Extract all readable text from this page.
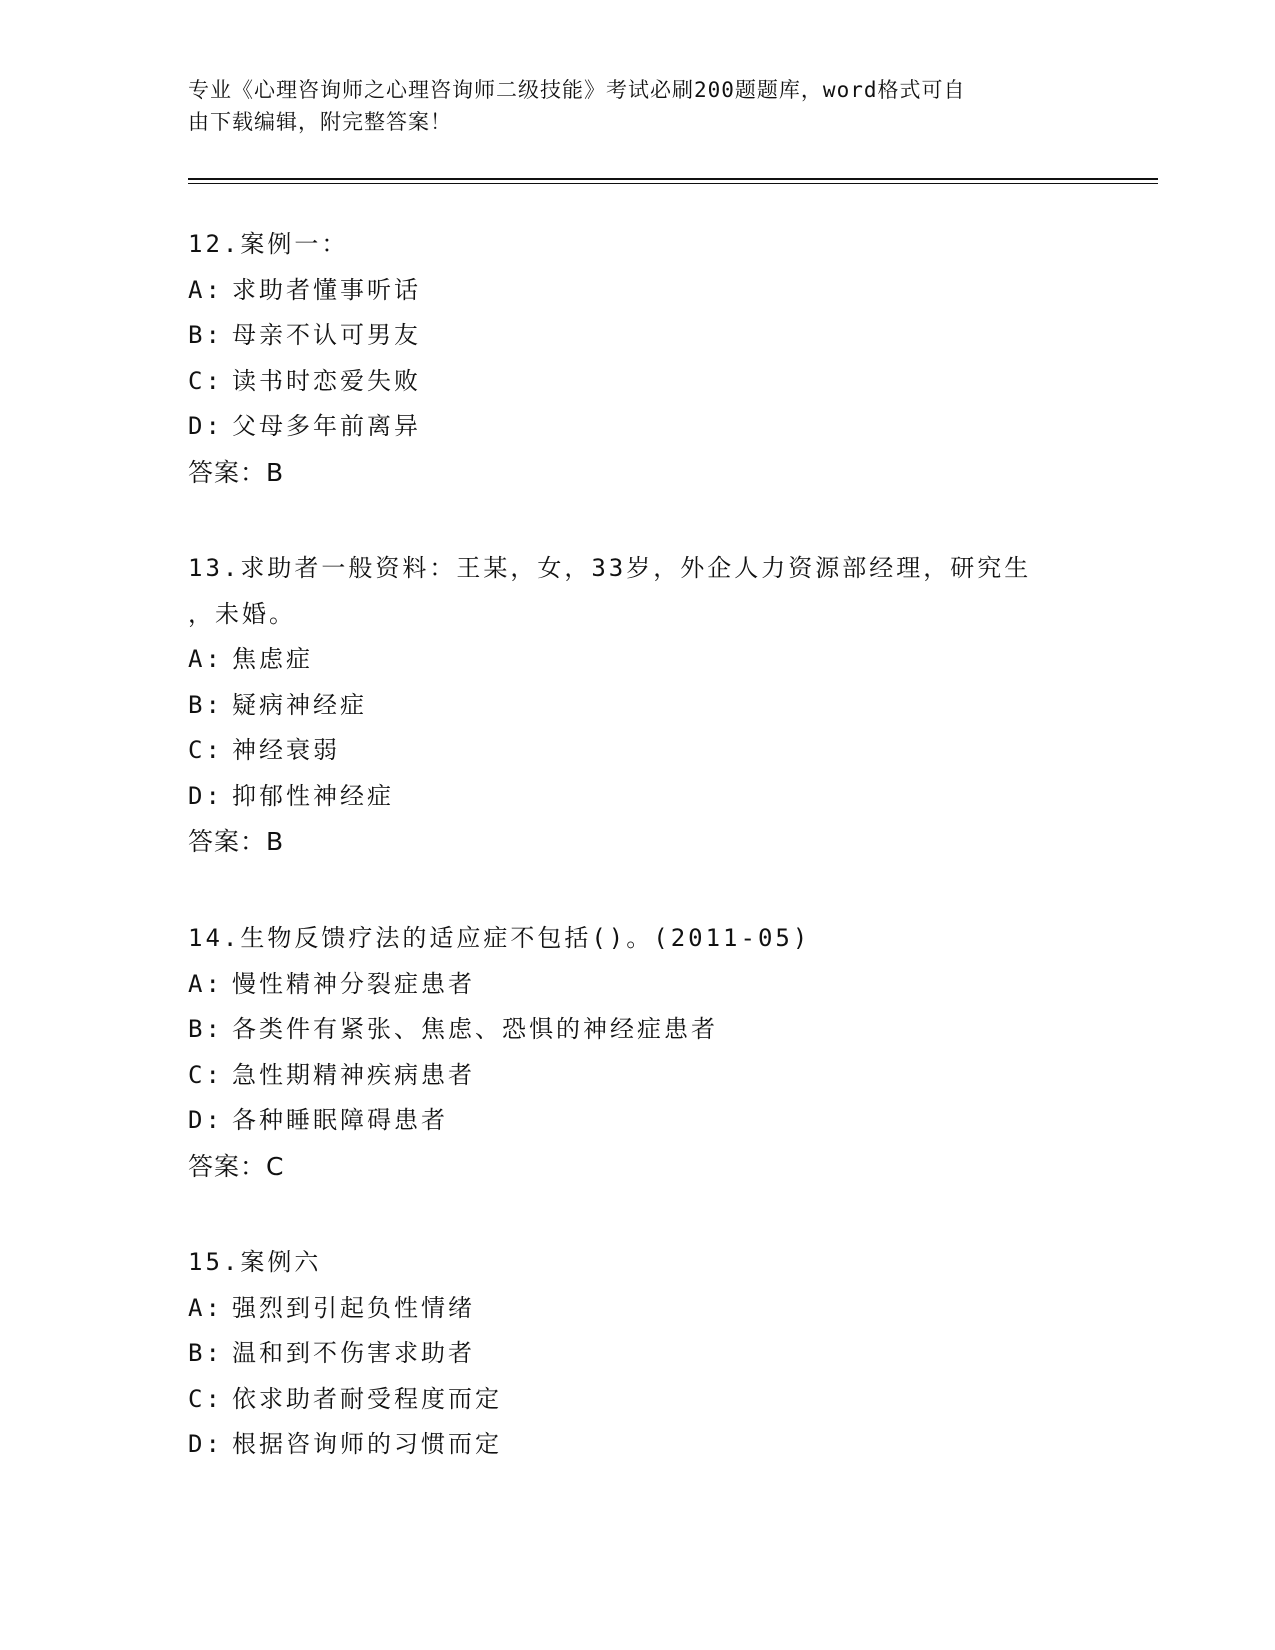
专业《心理咨询师之心理咨询师二级技能》考试必刷200题题库，word格式可自
由下载编辑，附完整答案！
12.案例一：
A: 求助者懂事听话
B: 母亲不认可男友
C: 读书时恋爱失败
D: 父母多年前离异
答案：B
13.求助者一般资料：王某，女，33岁，外企人力资源部经理，研究生
，未婚。
A: 焦虑症
B: 疑病神经症
C: 神经衰弱
D: 抑郁性神经症
答案：B
14.生物反馈疗法的适应症不包括()。(2011-05)
A: 慢性精神分裂症患者
B: 各类件有紧张、焦虑、恐惧的神经症患者
C: 急性期精神疾病患者
D: 各种睡眠障碍患者
答案：C
15.案例六
A: 强烈到引起负性情绪
B: 温和到不伤害求助者
C: 依求助者耐受程度而定
D: 根据咨询师的习惯而定
